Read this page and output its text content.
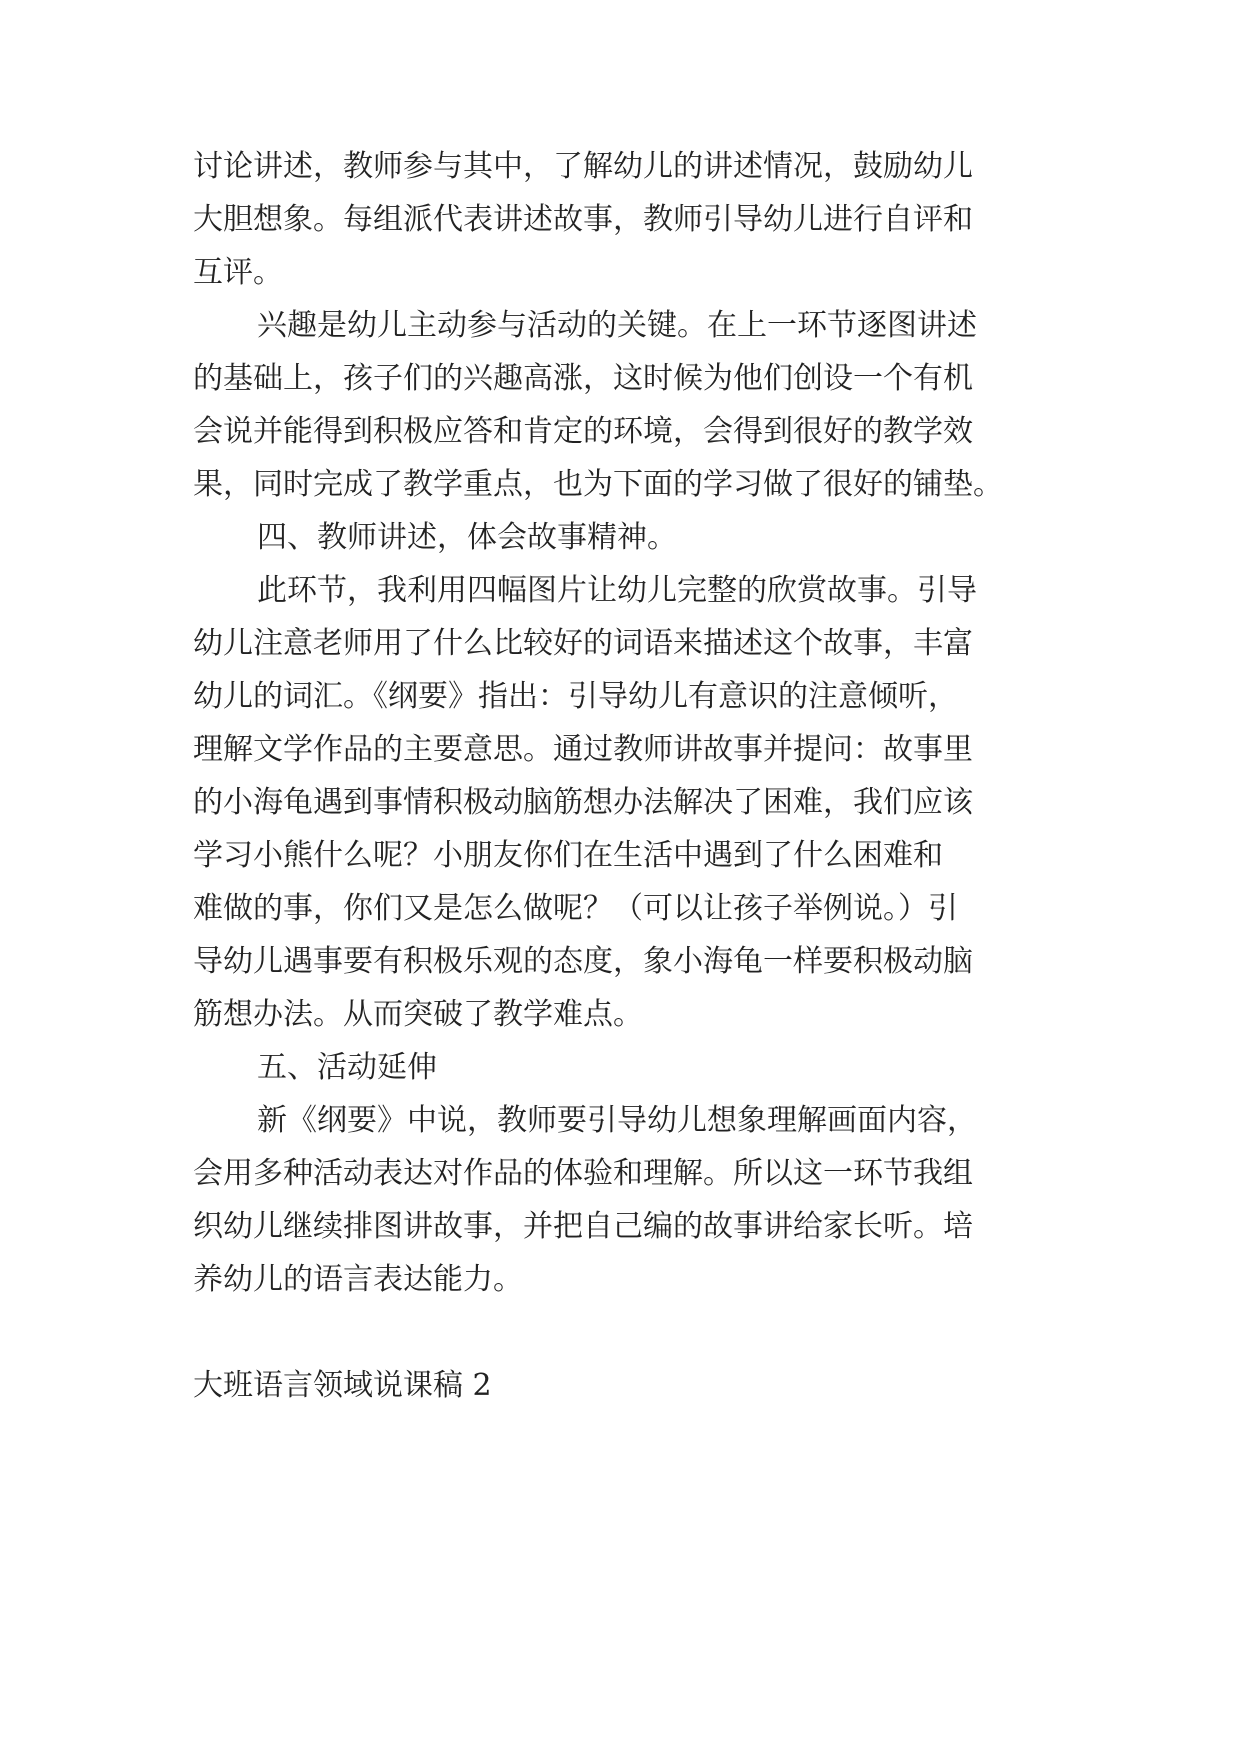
讨论讲述，教师参与其中，了解幼儿的讲述情况，鼓励幼儿
大胆想象。每组派代表讲述故事，教师引导幼儿进行自评和
互评。
兴趣是幼儿主动参与活动的关键。在上一环节逐图讲述
的基础上，孩子们的兴趣高涨，这时候为他们创设一个有机
会说并能得到积极应答和肯定的环境，会得到很好的教学效
果，同时完成了教学重点，也为下面的学习做了很好的铺垫。
四、教师讲述，体会故事精神。
此环节，我利用四幅图片让幼儿完整的欣赏故事。引导
幼儿注意老师用了什么比较好的词语来描述这个故事，丰富
幼儿的词汇。《纲要》指出：引导幼儿有意识的注意倾听，
理解文学作品的主要意思。通过教师讲故事并提问：故事里
的小海龟遇到事情积极动脑筋想办法解决了困难，我们应该
学习小熊什么呢？小朋友你们在生活中遇到了什么困难和
难做的事，你们又是怎么做呢？（可以让孩子举例说。）引
导幼儿遇事要有积极乐观的态度，象小海龟一样要积极动脑
筋想办法。从而突破了教学难点。
五、活动延伸
新《纲要》中说，教师要引导幼儿想象理解画面内容，
会用多种活动表达对作品的体验和理解。所以这一环节我组
织幼儿继续排图讲故事，并把自己编的故事讲给家长听。培
养幼儿的语言表达能力。
大班语言领域说课稿 2
